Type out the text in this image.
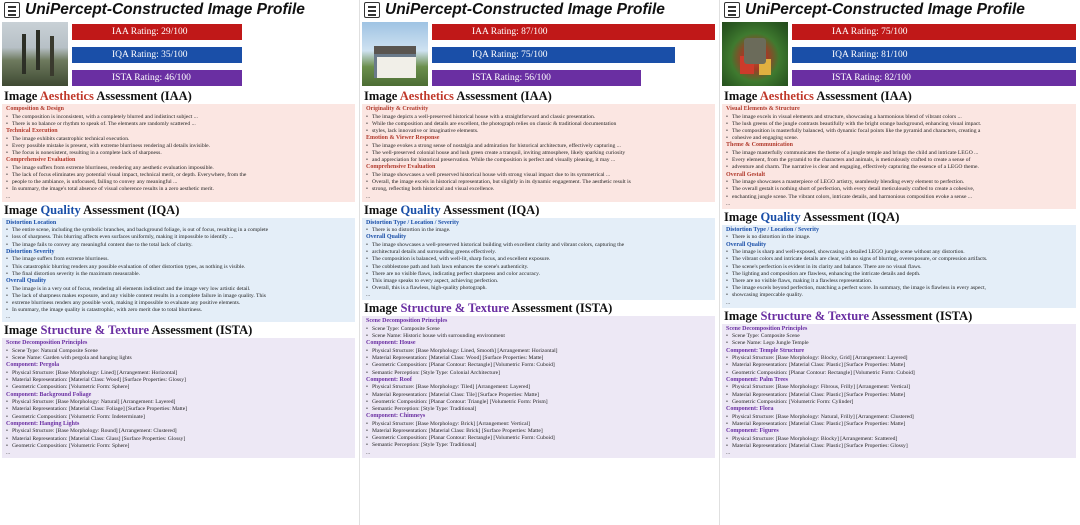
UniPercept-Constructed Image Profile
IAA Rating: 29/100
IQA Rating: 35/100
ISTA Rating: 46/100
Image Aesthetics Assessment (IAA)
Composition & Design
• The composition is inconsistent, with a completely blurred and indistinct subject ...
• There is no balance or rhythm to speak of. The elements are randomly scattered ...
Technical Execution
• The image exhibits catastrophic technical execution.
• Every possible mistake is present, with extreme blurriness rendering all details invisible.
• The focus is nonexistent, resulting in a complete lack of sharpness.
Comprehensive Evaluation
• The image suffers from extreme blurriness, rendering any aesthetic evaluation impossible.
• The lack of focus eliminates any potential visual impact, technical merit, or depth. Everywhere, from the
• people to the ambiance, is unfocused, failing to convey any meaningful ...
• In summary, the image's total absence of visual coherence results in a zero aesthetic merit.
...
Image Quality Assessment (IQA)
Distortion Location
• The entire scene, including the symbolic branches, and background foliage, is out of focus, resulting in a complete
• loss of sharpness. This blurring affects even surfaces uniformly, making it impossible to identify ...
• The image fails to convey any meaningful content due to the total lack of clarity.
Distortion Severity
• The image suffers from extreme blurriness.
• This catastrophic blurring renders any possible evaluation of other distortion types, as nothing is visible.
• The final distortion severity is the maximum measurable.
Overall Quality
• The image is in a very out of focus, rendering all elements indistinct and the image very low artistic detail.
• The lack of sharpness makes exposure, and any visible content results in a complete failure in image quality. This
• extreme blurriness renders any possible work, making it impossible to evaluate any positive elements.
• In summary, the image quality is catastrophic, with zero merit due to total blurriness.
...
Image Structure & Texture Assessment (ISTA)
Scene Decomposition Principles
• Scene Type: Natural Composite Scene
• Scene Name: Garden with pergola and hanging lights
Component: Pergola
• Physical Structure: [Base Morphology: Lined] [Arrangement: Horizontal]
• Material Representation: [Material Class: Wood] [Surface Properties: Glossy]
• Geometric Composition: [Volumetric Form: Sphere]
Component: Background Foliage
• Physical Structure: [Base Morphology: Natural] [Arrangement: Layered]
• Material Representation: [Material Class: Foliage] [Surface Properties: Matte]
• Geometric Composition: [Volumetric Form: Indeterminate]
Component: Hanging Lights
• Physical Structure: [Base Morphology: Round] [Arrangement: Clustered]
• Material Representation: [Material Class: Glass] [Surface Properties: Glossy]
• Geometric Composition: [Volumetric Form: Sphere]
...
UniPercept-Constructed Image Profile
IAA Rating: 87/100
IQA Rating: 75/100
ISTA Rating: 56/100
Image Aesthetics Assessment (IAA)
Originality & Creativity
• The image depicts a well-preserved historical house with a straightforward and classic presentation.
• While the composition and details are excellent, the photograph relies on classic & traditional documentation
• styles, lack innovative or imaginative elements.
Emotion & Viewer Response
• The image evokes a strong sense of nostalgia and admiration for historical architecture, effectively capturing ...
• The well-preserved colonial house and lush green create a tranquil, inviting atmosphere, likely sparking curiosity
• and appreciation for historical preservation. While the composition is perfect and visually pleasing, it may ...
Comprehensive Evaluation
• The image showcases a well preserved historical house with strong visual impact due to its symmetrical ...
• Overall, the image excels in historical representation, but slightly in its dynamic engagement. The aesthetic result is
• strong, reflecting both historical and visual excellence.
...
Image Quality Assessment (IQA)
Distortion Type / Location / Severity
• There is no distortion in the image.
Overall Quality
• The image showcases a well-preserved historical building with excellent clarity and vibrant colors, capturing the
• architectural details and surrounding greens effectively.
• The composition is balanced, with well-lit, sharp focus, and excellent exposure.
• The cobblestone path and lush lawn enhances the scene's authenticity.
• There are no visible flaws, indicating perfect sharpness and color accuracy.
• This image speaks to every aspect, achieving perfection.
• Overall, this is a flawless, high-quality photograph.
...
Image Structure & Texture Assessment (ISTA)
Scene Decomposition Principles
• Scene Type: Composite Scene
• Scene Name: Historic house with surrounding environment
Component: House
• Physical Structure: [Base Morphology: Lined, Smooth] [Arrangement: Horizontal]
• Material Representation: [Material Class: Wood] [Surface Properties: Matte]
• Geometric Composition: [Planar Contour: Rectangle] [Volumetric Form: Cuboid]
• Semantic Perception: [Style Type: Colonial Architecture]
Component: Roof
• Physical Structure: [Base Morphology: Tiled] [Arrangement: Layered]
• Material Representation: [Material Class: Tile] [Surface Properties: Matte]
• Geometric Composition: [Planar Contour: Triangle] [Volumetric Form: Prism]
• Semantic Perception: [Style Type: Traditional]
Component: Chimneys
• Physical Structure: [Base Morphology: Brick] [Arrangement: Vertical]
• Material Representation: [Material Class: Brick] [Surface Properties: Matte]
• Geometric Composition: [Planar Contour: Rectangle] [Volumetric Form: Cuboid]
• Semantic Perception: [Style Type: Traditional]
...
UniPercept-Constructed Image Profile
IAA Rating: 75/100
IQA Rating: 81/100
ISTA Rating: 82/100
Image Aesthetics Assessment (IAA)
Visual Elements & Structure
• The image excels in visual elements and structure, showcasing a harmonious blend of vibrant colors ...
• The lush greens of the jungle contrasts beautifully with the bright orange background, enhancing visual impact.
• The composition is masterfully balanced, with dynamic focal points like the pyramid and characters, creating a
• cohesive and engaging scene.
Theme & Communication
• The image masterfully communicates the theme of a jungle temple and brings the child and intricate LEGO ...
• Every element, from the pyramid to the characters and animals, is meticulously crafted to create a sense of
• adventure and charm. The narrative is clear and engaging, effectively capturing the essence of a LEGO theme.
Overall Gestalt
• The image showcases a masterpiece of LEGO artistry, seamlessly blending every element to perfection.
• The overall gestalt is nothing short of perfection, with every detail meticulously crafted to create a cohesive,
• enchanting jungle scene. The vibrant colors, intricate details, and harmonious composition evoke a sense ...
...
Image Quality Assessment (IQA)
Distortion Type / Location / Severity
• There is no distortion in the image.
Overall Quality
• The image is sharp and well-exposed, showcasing a detailed LEGO jungle scene without any distortion.
• The vibrant colors and intricate details are clear, with no signs of blurring, overexposure, or compression artifacts.
• The scene's perfection is evident in its clarity and balance. There are no visual flaws.
• The lighting and composition are flawless, enhancing the intricate details and depth.
• There are no visible flaws, making it a flawless representation.
• The image excels beyond perfection, matching a perfect score. In summary, the image is flawless in every aspect,
• showcasing impeccable quality.
...
Image Structure & Texture Assessment (ISTA)
Scene Decomposition Principles
• Scene Type: Composite Scene
• Scene Name: Lego Jungle Temple
Component: Temple Structure
• Physical Structure: [Base Morphology: Blocky, Grid] [Arrangement: Layered]
• Material Representation: [Material Class: Plastic] [Surface Properties: Matte]
• Geometric Composition: [Planar Contour: Rectangle] [Volumetric Form: Cuboid]
Component: Palm Trees
• Physical Structure: [Base Morphology: Fibrous, Frilly] [Arrangement: Vertical]
• Material Representation: [Material Class: Plastic] [Surface Properties: Matte]
• Geometric Composition: [Volumetric Form: Cylinder]
Component: Flora
• Physical Structure: [Base Morphology: Natural, Frilly] [Arrangement: Clustered]
• Material Representation: [Material Class: Plastic] [Surface Properties: Matte]
Component: Figures
• Physical Structure: [Base Morphology: Blocky] [Arrangement: Scattered]
• Material Representation: [Material Class: Plastic] [Surface Properties: Glossy]
...
